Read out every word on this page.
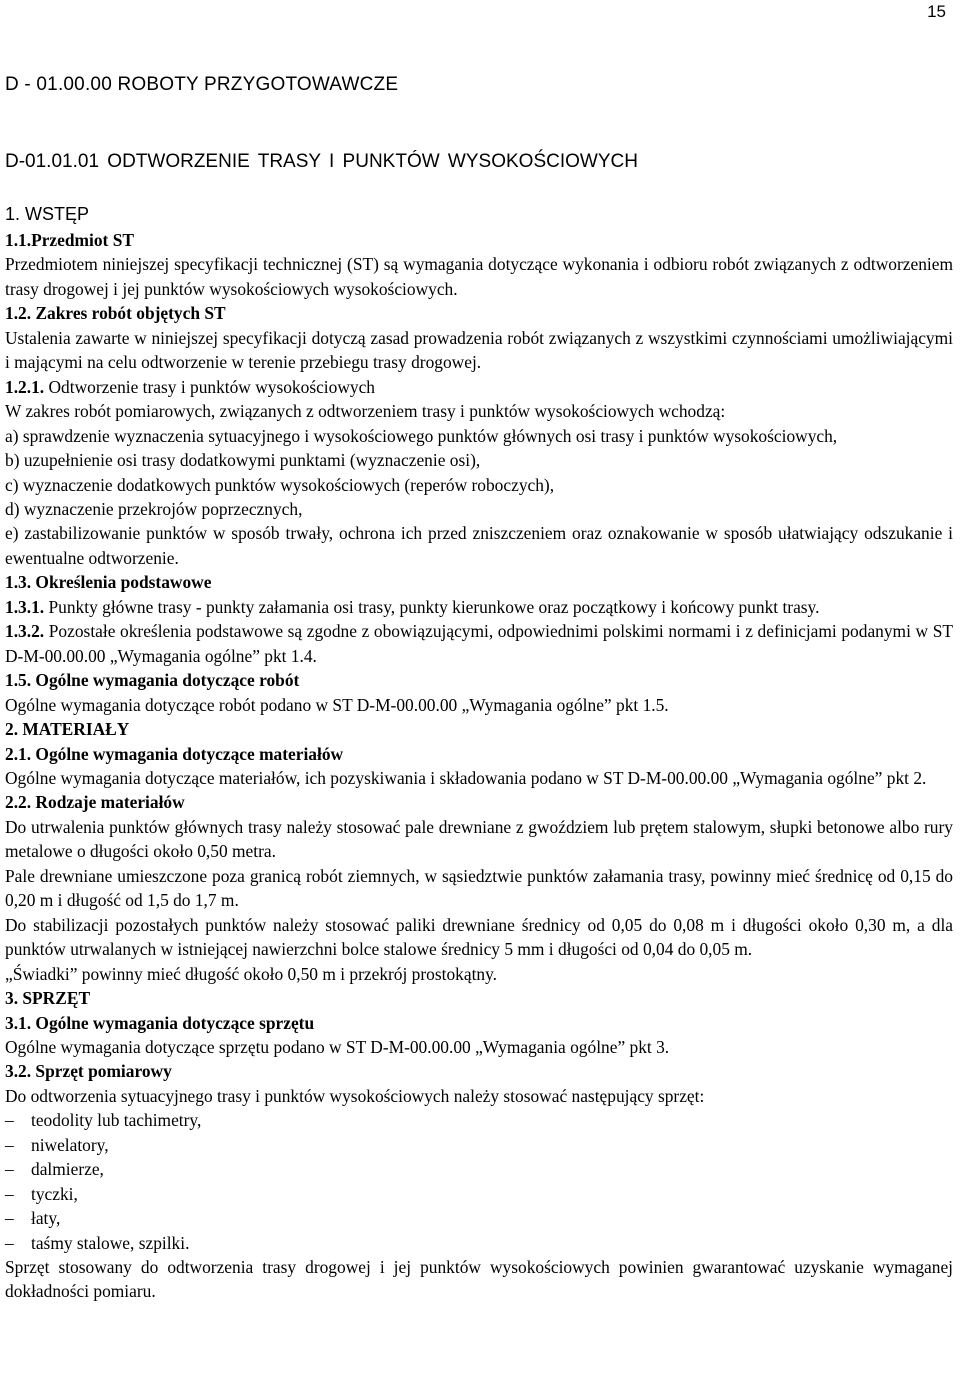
15
D - 01.00.00 ROBOTY PRZYGOTOWAWCZE
D-01.01.01 ODTWORZENIE TRASY I PUNKTÓW WYSOKOŚCIOWYCH
1. WSTĘP
1.1.Przedmiot ST

Przedmiotem niniejszej specyfikacji technicznej (ST) są wymagania dotyczące wykonania i odbioru robót związanych z odtworzeniem trasy drogowej i jej punktów wysokościowych wysokościowych.

1.2. Zakres robót objętych ST

Ustalenia zawarte w niniejszej specyfikacji dotyczą zasad prowadzenia robót związanych z wszystkimi czynnościami umożliwiającymi i mającymi na celu odtworzenie w terenie przebiegu trasy drogowej.

1.2.1. Odtworzenie trasy i punktów wysokościowych

W zakres robót pomiarowych, związanych z odtworzeniem trasy i punktów wysokościowych wchodzą:

a) sprawdzenie wyznaczenia sytuacyjnego i wysokościowego punktów głównych osi trasy i punktów wysokościowych,

b) uzupełnienie osi trasy dodatkowymi punktami (wyznaczenie osi),

c) wyznaczenie dodatkowych punktów wysokościowych (reperów roboczych),

d) wyznaczenie przekrojów poprzecznych,

e) zastabilizowanie punktów w sposób trwały, ochrona ich przed zniszczeniem oraz oznakowanie w sposób ułatwiający odszukanie i ewentualne odtworzenie.

1.3. Określenia podstawowe

1.3.1. Punkty główne trasy - punkty załamania osi trasy, punkty kierunkowe oraz początkowy i końcowy punkt trasy.

1.3.2. Pozostałe określenia podstawowe są zgodne z obowiązującymi, odpowiednimi polskimi normami i z definicjami podanymi w ST D-M-00.00.00 „Wymagania ogólne” pkt 1.4.

1.5. Ogólne wymagania dotyczące robót

Ogólne wymagania dotyczące robót podano w ST D-M-00.00.00 „Wymagania ogólne” pkt 1.5.

2. MATERIAŁY

2.1. Ogólne wymagania dotyczące materiałów

Ogólne wymagania dotyczące materiałów, ich pozyskiwania i składowania podano w ST D-M-00.00.00 „Wymagania ogólne” pkt 2.

2.2. Rodzaje materiałów

Do utrwalenia punktów głównych trasy należy stosować pale drewniane z gwoździem lub prętem stalowym, słupki betonowe albo rury metalowe o długości około 0,50 metra.

Pale drewniane umieszczone poza granicą robót ziemnych, w sąsiedztwie punktów załamania trasy, powinny mieć średnicę od 0,15 do 0,20 m i długość od 1,5 do 1,7 m.

Do stabilizacji pozostałych punktów należy stosować paliki drewniane średnicy od 0,05 do 0,08 m i długości około 0,30 m, a dla punktów utrwalanych w istniejącej nawierzchni bolce stalowe średnicy 5 mm i długości od 0,04 do 0,05 m.

„Świadki” powinny mieć długość około 0,50 m i przekrój prostokątny.

3. SPRZĘT

3.1. Ogólne wymagania dotyczące sprzętu

Ogólne wymagania dotyczące sprzętu podano w ST D-M-00.00.00 „Wymagania ogólne” pkt 3.

3.2. Sprzęt pomiarowy

Do odtworzenia sytuacyjnego trasy i punktów wysokościowych należy stosować następujący sprzęt:

– teodolity lub tachimetry,
– niwelatory,
– dalmierze,
– tyczki,
– łaty,
– taśmy stalowe, szpilki.

Sprzęt stosowany do odtworzenia trasy drogowej i jej punktów wysokościowych powinien gwarantować uzyskanie wymaganej dokładności pomiaru.
